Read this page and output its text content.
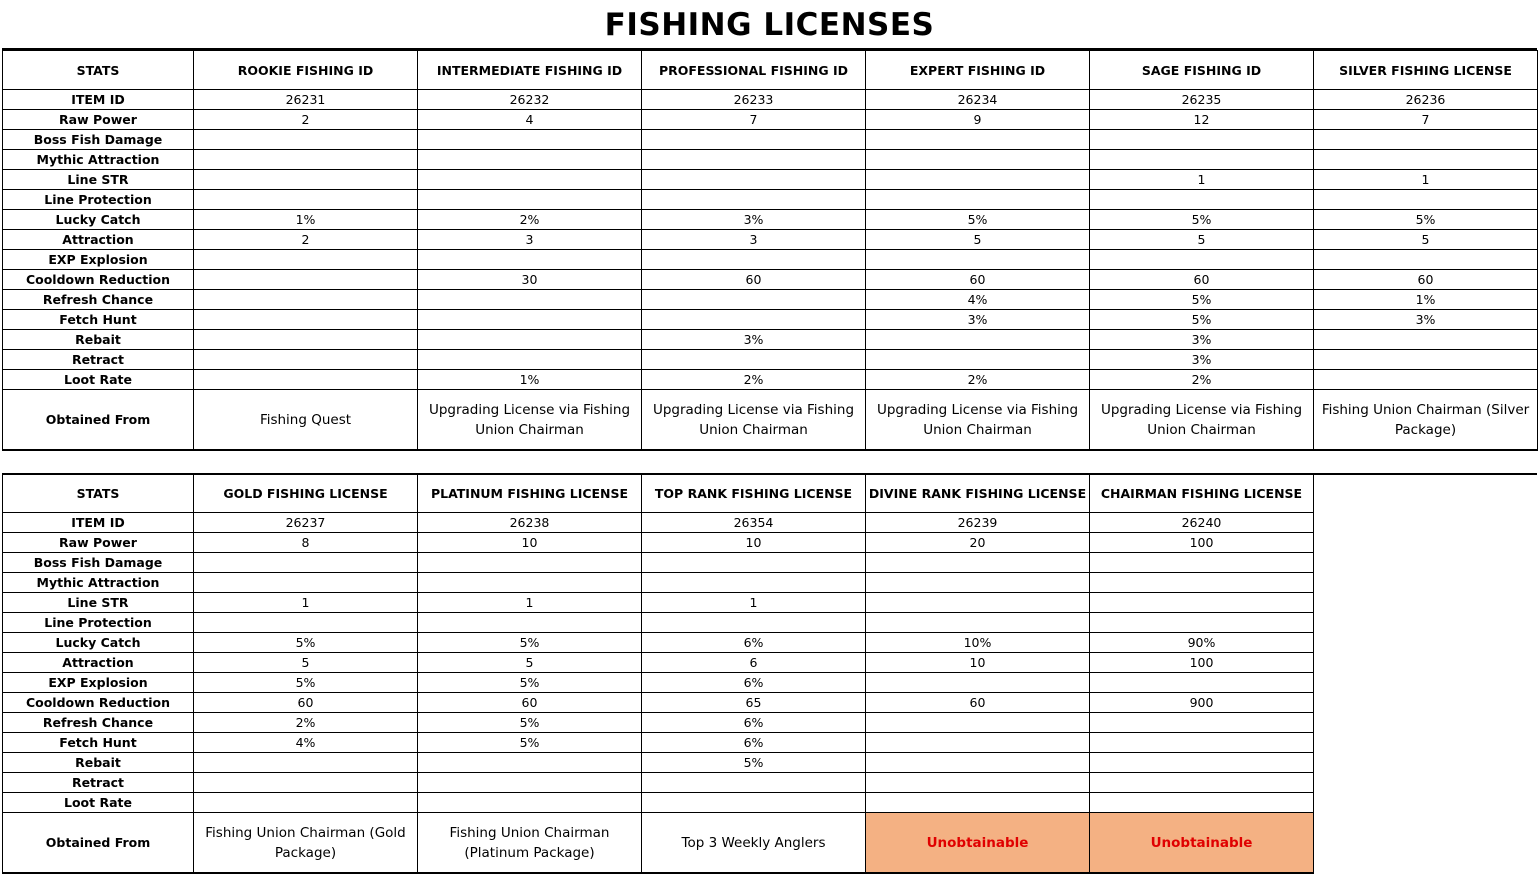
FISHING LICENSES
STATS	ROOKIE FISHING ID	INTERMEDIATE FISHING ID	PROFESSIONAL FISHING ID	EXPERT FISHING ID	SAGE FISHING ID	SILVER FISHING LICENSE
ITEM ID	26231	26232	26233	26234	26235	26236
Raw Power	2	4	7	9	12	7
Boss Fish Damage						
Mythic Attraction						
Line STR					1	1
Line Protection						
Lucky Catch	1%	2%	3%	5%	5%	5%
Attraction	2	3	3	5	5	5
EXP Explosion						
Cooldown Reduction		30	60	60	60	60
Refresh Chance				4%	5%	1%
Fetch Hunt				3%	5%	3%
Rebait			3%		3%	
Retract					3%	
Loot Rate		1%	2%	2%	2%	
Obtained From	Fishing Quest	Upgrading License via Fishing Union Chairman	Upgrading License via Fishing Union Chairman	Upgrading License via Fishing Union Chairman	Upgrading License via Fishing Union Chairman	Fishing Union Chairman (Silver Package)
STATS	GOLD FISHING LICENSE	PLATINUM FISHING LICENSE	TOP RANK FISHING LICENSE	DIVINE RANK FISHING LICENSE	CHAIRMAN FISHING LICENSE
ITEM ID	26237	26238	26354	26239	26240
Raw Power	8	10	10	20	100
Boss Fish Damage					
Mythic Attraction					
Line STR	1	1	1		
Line Protection					
Lucky Catch	5%	5%	6%	10%	90%
Attraction	5	5	6	10	100
EXP Explosion	5%	5%	6%		
Cooldown Reduction	60	60	65	60	900
Refresh Chance	2%	5%	6%		
Fetch Hunt	4%	5%	6%		
Rebait			5%		
Retract					
Loot Rate					
Obtained From	Fishing Union Chairman (Gold Package)	Fishing Union Chairman (Platinum Package)	Top 3 Weekly Anglers	Unobtainable	Unobtainable
